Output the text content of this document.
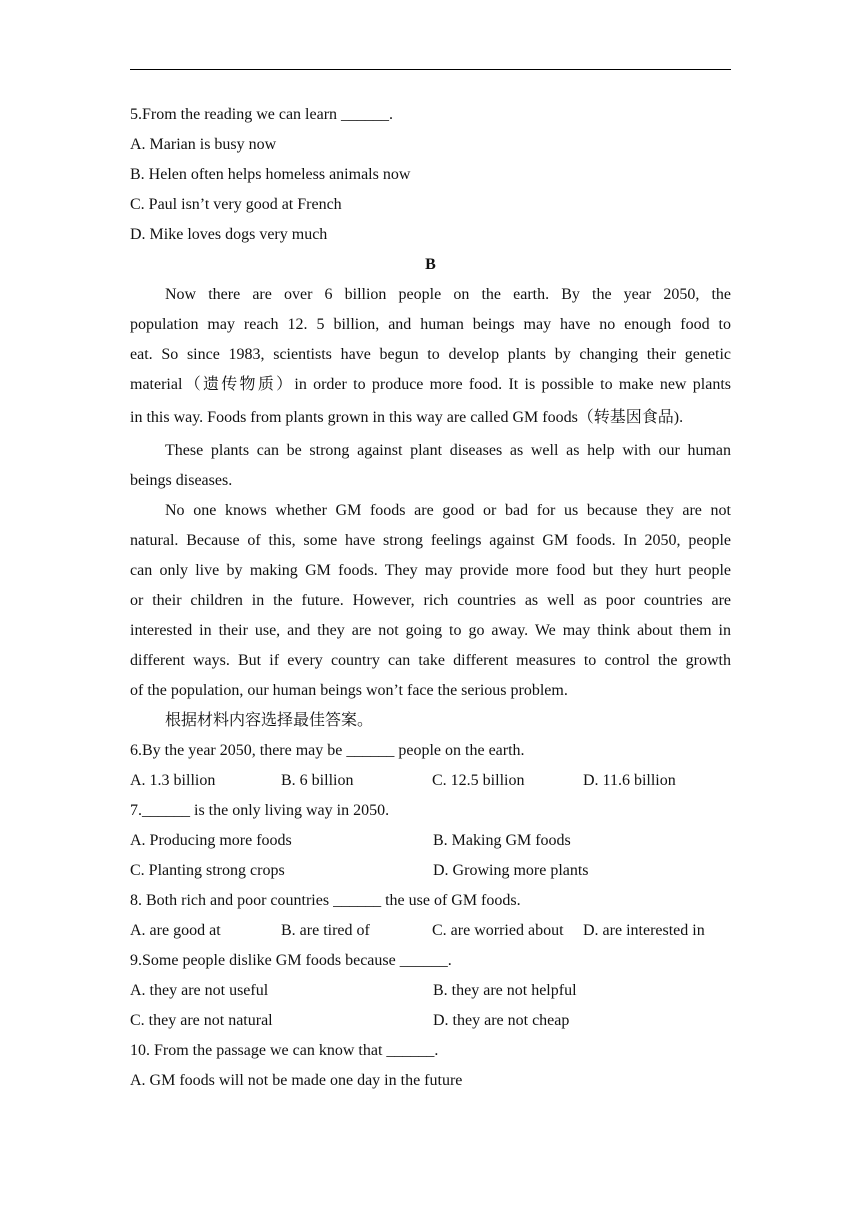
5.From the reading we can learn ______.
A. Marian is busy now
B. Helen often helps homeless animals now
C. Paul isn’t very good at French
D. Mike loves dogs very much
B
Now there are over 6 billion people on the earth. By the year 2050, the
population may reach 12. 5 billion, and human beings may have no enough food to
eat. So since 1983, scientists have begun to develop plants by changing their genetic
material（遗传物质）in order to produce more food. It is possible to make new plants
in this way. Foods from plants grown in this way are called GM foods（转基因食品).
These plants can be strong against plant diseases as well as help with our human
beings diseases.
No one knows whether GM foods are good or bad for us because they are not
natural. Because of this, some have strong feelings against GM foods. In 2050, people
can only live by making GM foods. They may provide more food but they hurt people
or their children in the future. However, rich countries as well as poor countries are
interested in their use, and they are not going to go away. We may think about them in
different ways. But if every country can take different measures to control the growth
of the population, our human beings won’t face the serious problem.
根据材料内容选择最佳答案。
6.By the year 2050, there may be ______ people on the earth.
A. 1.3 billion	B. 6 billion	C. 12.5 billion	D. 11.6 billion
7.______ is the only living way in 2050.
A. Producing more foods	B. Making GM foods
C. Planting strong crops	D. Growing more plants
8. Both rich and poor countries ______ the use of GM foods.
A. are good at	B. are tired of	C. are worried about	D. are interested in
9.Some people dislike GM foods because ______.
A. they are not useful	B. they are not helpful
C. they are not natural	D. they are not cheap
10. From the passage we can know that ______.
A. GM foods will not be made one day in the future
